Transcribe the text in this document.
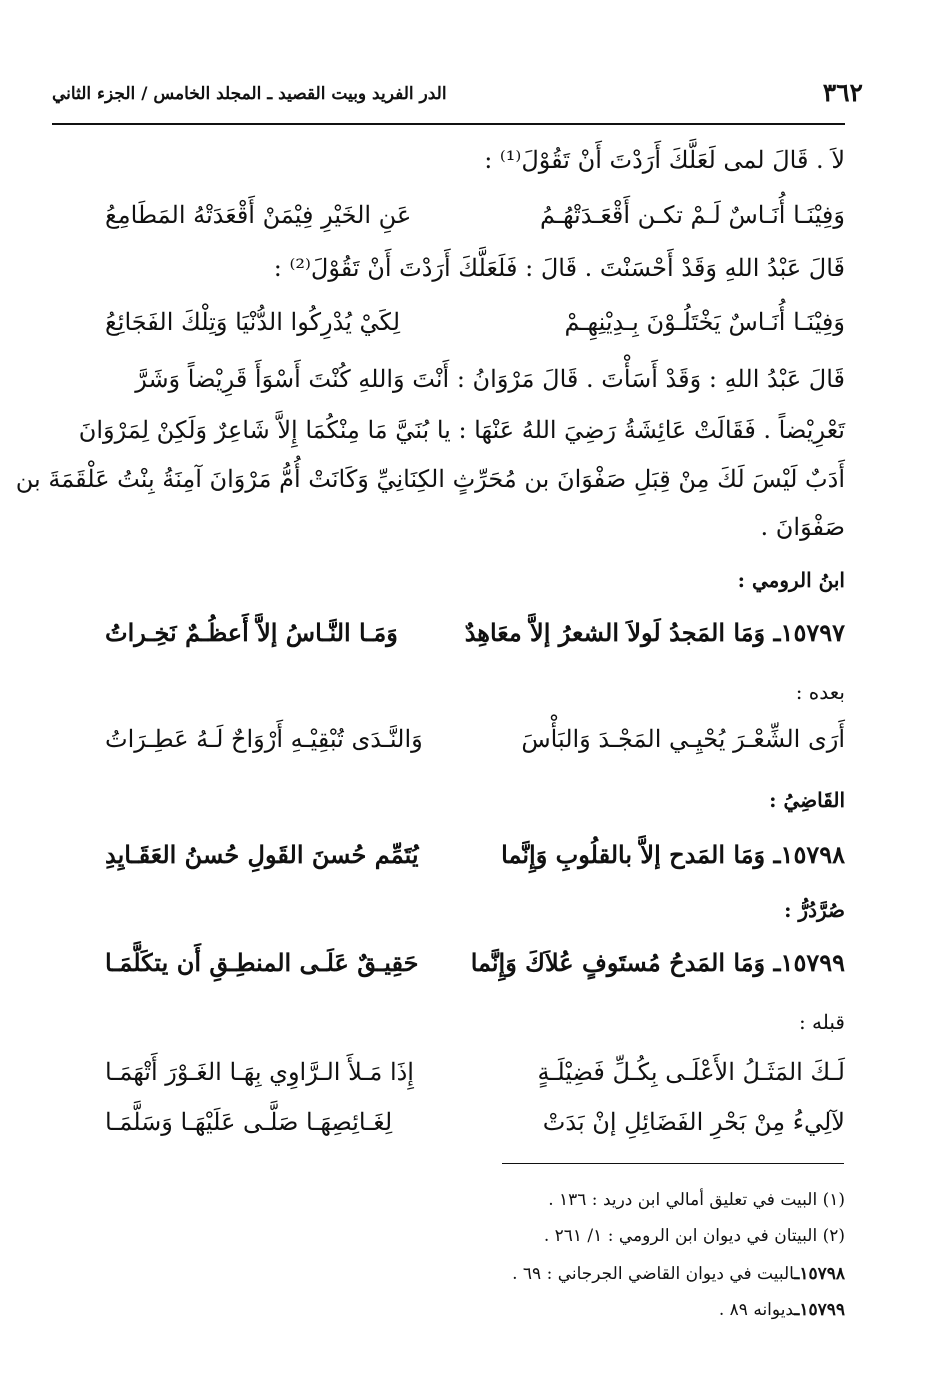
٣٦٢
الدر الفريد وبيت القصيد ـ المجلد الخامس / الجزء الثاني
لاَ . قَالَ لمى لَعَلَّكَ أَرَدْتَ أَنْ تَقُوْلَ⁽¹⁾ :
وَفِيْنَـا أُنَـاسٌ لَـمْ تكـن أَقْعَـدَتْهُـمُ
عَنِ الخَيْرِ فِيْمَنْ أَقْعَدَتْهُ المَطَامِعُ
قَالَ عَبْدُ اللهِ وَقَدْ أَحْسَنْتَ . قَالَ : فَلَعَلَّكَ أَرَدْتَ أَنْ تَقُوْلَ⁽²⁾ :
وَفِيْنَـا أُنَـاسٌ يَخْتَلُـوْنَ بِـدِيْنِهِـمْ
لِكَيْ يُدْرِكُوا الدُّنْيَا وَتِلْكَ الفَجَائِعُ
قَالَ عَبْدُ اللهِ : وَقَدْ أَسَأْتَ . قَالَ مَرْوَانُ : أَنْتَ وَاللهِ كُنْتَ أَسْوَأَ قَرِيْضاً وَشَرَّ
تَعْرِيْضاً . فَقَالَتْ عَائِشَةُ رَضِيَ اللهُ عَنْهَا : يا بُنَيَّ مَا مِنْكُمَا إِلاَّ شَاعِرٌ وَلَكِنْ لِمَرْوَانَ
أَدَبٌ لَيْسَ لَكَ مِنْ قِبَلِ صَفْوَانَ بن مُحَرِّثٍ الكِنَانِيِّ وَكَانَتْ أُمُّ مَرْوَانَ آمِنَةُ بِنْتُ عَلْقَمَةَ بن
صَفْوَانَ .
ابنُ الرومي :
١٥٧٩٧ـ وَمَا المَجدُ لَولاَ الشعرُ إلاَّ معَاهِدٌ
وَمَـا النَّـاسُ إلاَّ أَعظُـمٌ نَخِـراتُ
بعده :
أَرَى الشِّعْـرَ يُحْيِـي المَجْـدَ وَالبَأْسَ
وَالنَّـدَى تُبْقِيْـهِ أَرْوَاحٌ لَـهُ عَطِـرَاتُ
القَاضِيُ :
١٥٧٩٨ـ وَمَا المَدح إلاَّ بالقلُوبِ وَإِنَّما
يُتَمِّم حُسنَ القَولِ حُسنُ العَقَـايِدِ
صُرَّدُرُّ :
١٥٧٩٩ـ وَمَا المَدحُ مُستَوفٍ عُلاَكَ وَإِنَّما
حَقِيـقٌ عَلَـى المنطِـقِ أَن يتكَلَّمَـا
قبله :
لَـكَ المَثَـلُ الأَعْلَـى بِكُـلِّ فَضِيْلَـةٍ
إِذَا مَـلأَ الـرَّاوِي بِهَـا الغَـوْرَ أَتْهَمَـا
لآلِيءُ مِنْ بَحْرِ الفَضَائِلِ إنْ بَدَتْ
لِغَـائِصِهَـا صَلَّـى عَلَيْهَـا وَسَلَّمَـا
(١) البيت في تعليق أمالي ابن دريد : ١٣٦ .
(٢) البيتان في ديوان ابن الرومي : ١/ ٢٦١ .
١٥٧٩٨ـالبيت في ديوان القاضي الجرجاني : ٦٩ .
١٥٧٩٩ـديوانه ٨٩ .
